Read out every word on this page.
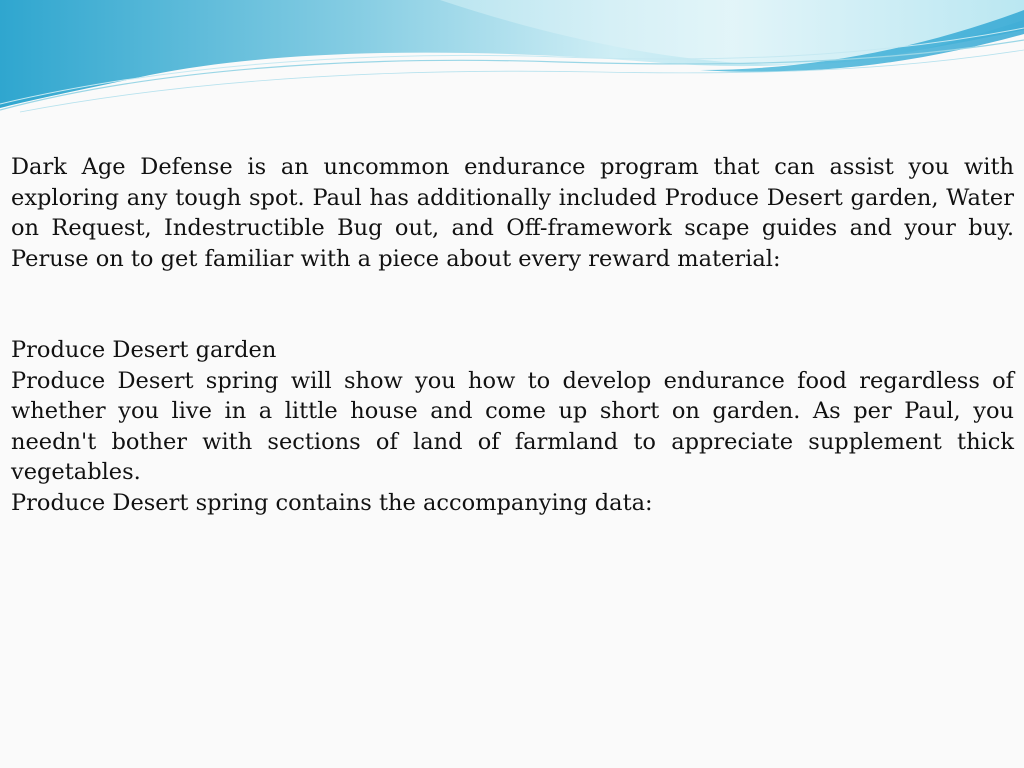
Dark Age Defense is an uncommon endurance program that can assist you with exploring any tough spot. Paul has additionally included Produce Desert garden, Water on Request, Indestructible Bug out, and Off-framework scape guides and your buy. Peruse on to get familiar with a piece about every reward material:

Produce Desert garden

Produce Desert spring will show you how to develop endurance food regardless of whether you live in a little house and come up short on garden. As per Paul, you needn't bother with sections of land of farmland to appreciate supplement thick vegetables.

Produce Desert spring contains the accompanying data:
